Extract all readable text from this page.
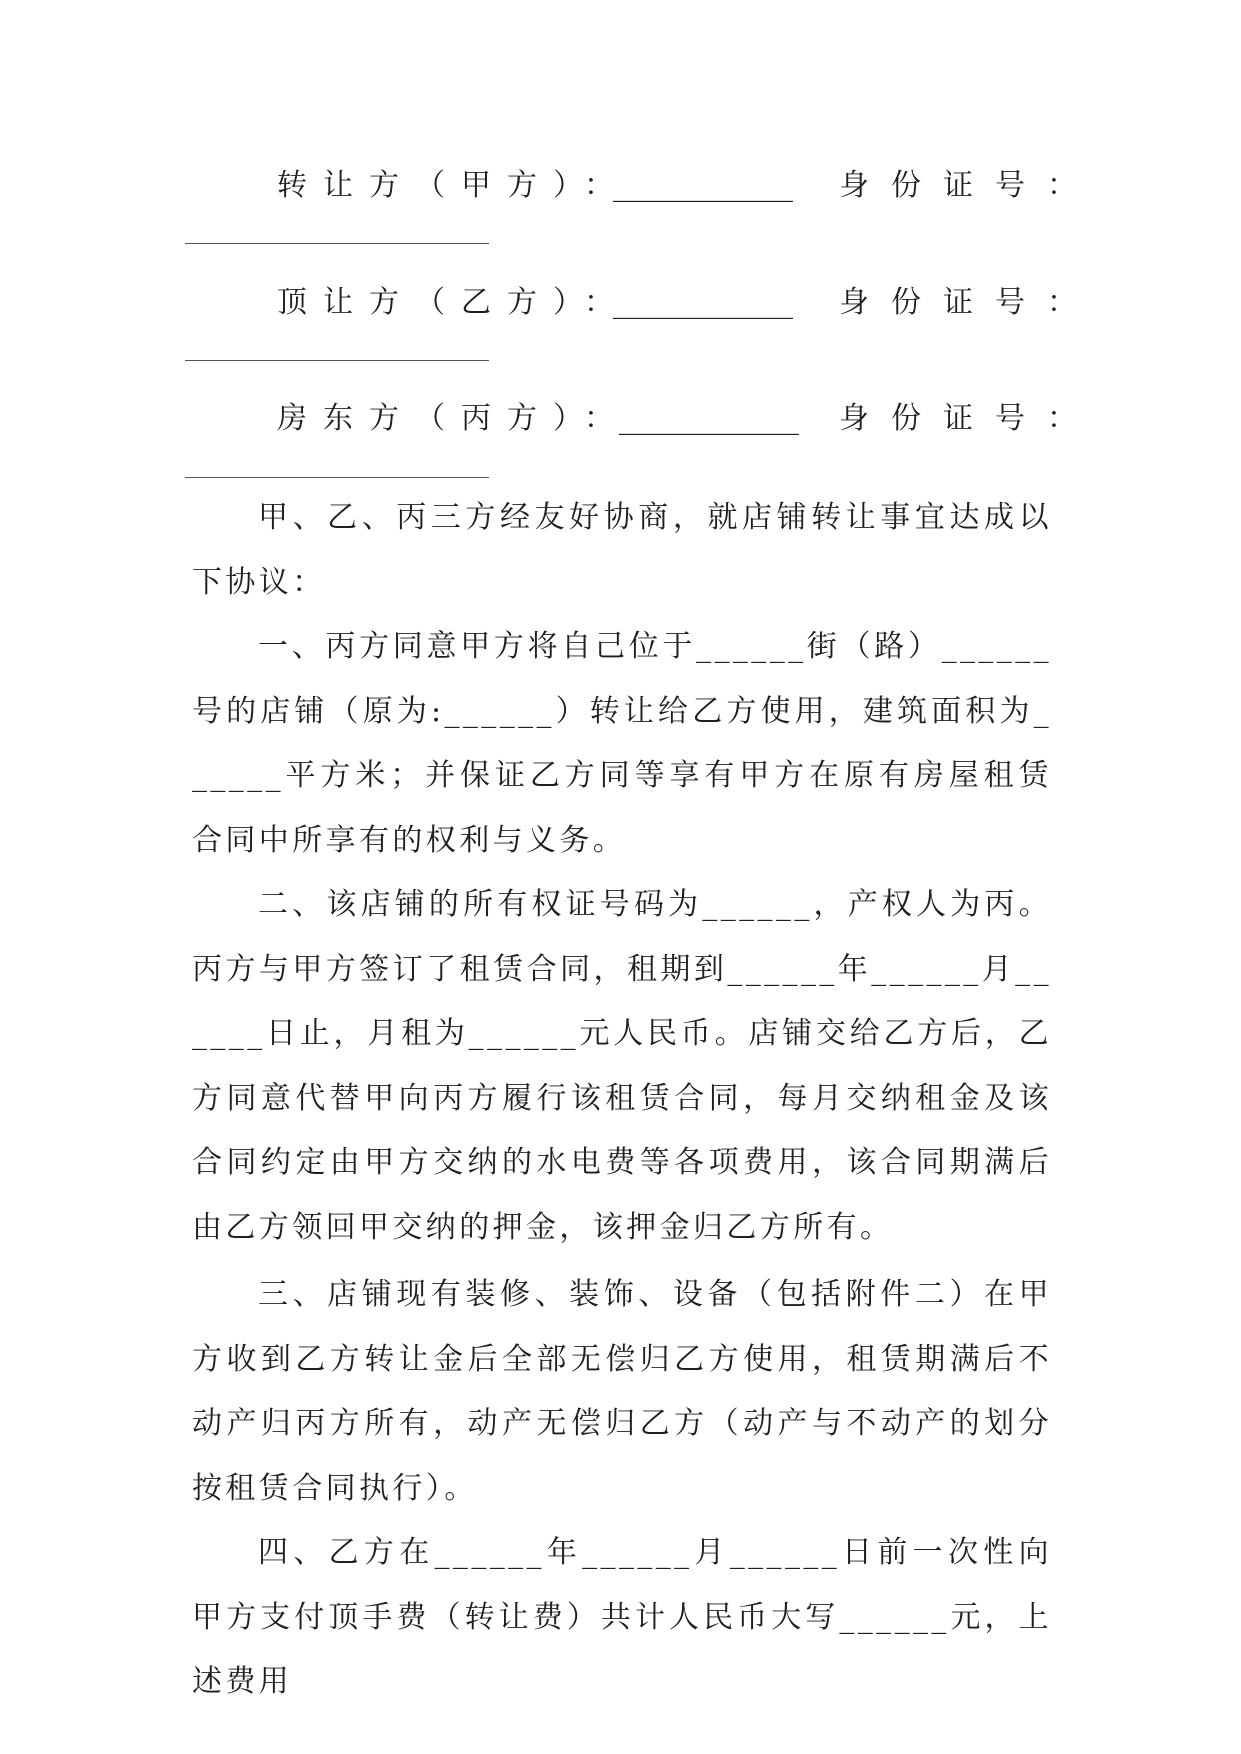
转让方（甲方）：
____________ 身份证号：
顶让方（乙方）：
____________ 身份证号：
房东方（丙方）：
____________ 身份证号：

甲、乙、丙三方经友好协商，就店铺转让事宜达成以下协议：

一、丙方同意甲方将自己位于______街（路）______号的店铺（原为:______）转让给乙方使用，建筑面积为______平方米；并保证乙方同等享有甲方在原有房屋租赁合同中所享有的权利与义务。

二、该店铺的所有权证号码为______，产权人为丙。丙方与甲方签订了租赁合同，租期到______年______月______日止，月租为______元人民币。店铺交给乙方后，乙方同意代替甲向丙方履行该租赁合同，每月交纳租金及该合同约定由甲方交纳的水电费等各项费用，该合同期满后由乙方领回甲交纳的押金，该押金归乙方所有。

三、店铺现有装修、装饰、设备（包括附件二）在甲方收到乙方转让金后全部无偿归乙方使用，租赁期满后不动产归丙方所有，动产无偿归乙方（动产与不动产的划分按租赁合同执行）。

四、乙方在______年______月______日前一次性向甲方支付顶手费（转让费）共计人民币大写______元，上述费用
